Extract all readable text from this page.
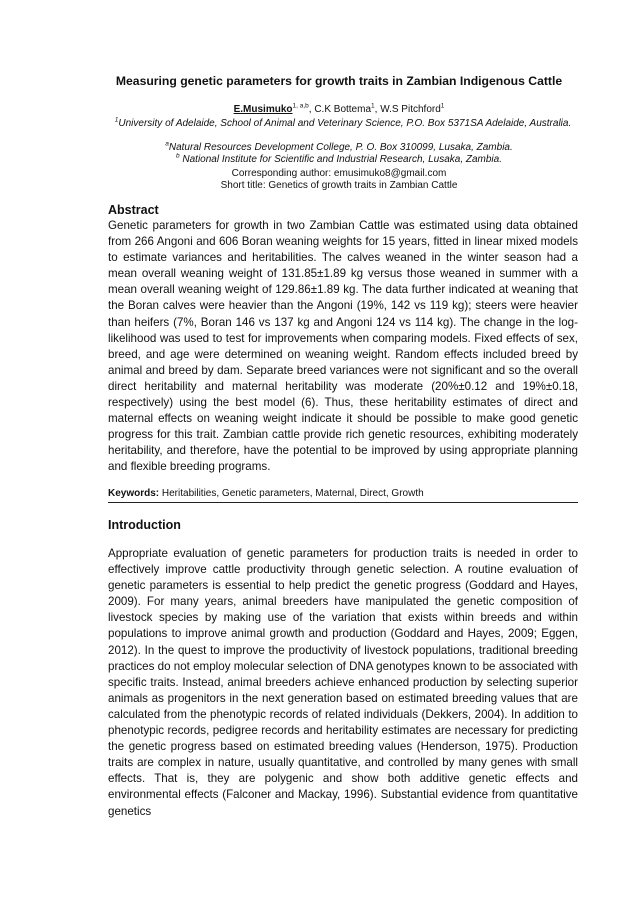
Measuring genetic parameters for growth traits in Zambian Indigenous Cattle
E.Musimuko$^{1, a,b}$, C.K Bottema$^1$, W.S Pitchford$^1$
$^1$University of Adelaide, School of Animal and Veterinary Science, P.O. Box 5371SA Adelaide, Australia.
$^a$Natural Resources Development College, P. O. Box 310099, Lusaka, Zambia.
$^b$ National Institute for Scientific and Industrial Research, Lusaka, Zambia.
Corresponding author: emusimuko8@gmail.com
Short title: Genetics of growth traits in Zambian Cattle
Abstract
Genetic parameters for growth in two Zambian Cattle was estimated using data obtained from 266 Angoni and 606 Boran weaning weights for 15 years, fitted in linear mixed models to estimate variances and heritabilities. The calves weaned in the winter season had a mean overall weaning weight of 131.85±1.89 kg versus those weaned in summer with a mean overall weaning weight of 129.86±1.89 kg. The data further indicated at weaning that the Boran calves were heavier than the Angoni (19%, 142 vs 119 kg); steers were heavier than heifers (7%, Boran 146 vs 137 kg and Angoni 124 vs 114 kg). The change in the log-likelihood was used to test for improvements when comparing models. Fixed effects of sex, breed, and age were determined on weaning weight. Random effects included breed by animal and breed by dam. Separate breed variances were not significant and so the overall direct heritability and maternal heritability was moderate (20%±0.12 and 19%±0.18, respectively) using the best model (6). Thus, these heritability estimates of direct and maternal effects on weaning weight indicate it should be possible to make good genetic progress for this trait. Zambian cattle provide rich genetic resources, exhibiting moderately heritability, and therefore, have the potential to be improved by using appropriate planning and flexible breeding programs.
Keywords: Heritabilities, Genetic parameters, Maternal, Direct, Growth
Introduction
Appropriate evaluation of genetic parameters for production traits is needed in order to effectively improve cattle productivity through genetic selection. A routine evaluation of genetic parameters is essential to help predict the genetic progress (Goddard and Hayes, 2009). For many years, animal breeders have manipulated the genetic composition of livestock species by making use of the variation that exists within breeds and within populations to improve animal growth and production (Goddard and Hayes, 2009; Eggen, 2012). In the quest to improve the productivity of livestock populations, traditional breeding practices do not employ molecular selection of DNA genotypes known to be associated with specific traits. Instead, animal breeders achieve enhanced production by selecting superior animals as progenitors in the next generation based on estimated breeding values that are calculated from the phenotypic records of related individuals (Dekkers, 2004). In addition to phenotypic records, pedigree records and heritability estimates are necessary for predicting the genetic progress based on estimated breeding values (Henderson, 1975). Production traits are complex in nature, usually quantitative, and controlled by many genes with small effects. That is, they are polygenic and show both additive genetic effects and environmental effects (Falconer and Mackay, 1996). Substantial evidence from quantitative genetics
